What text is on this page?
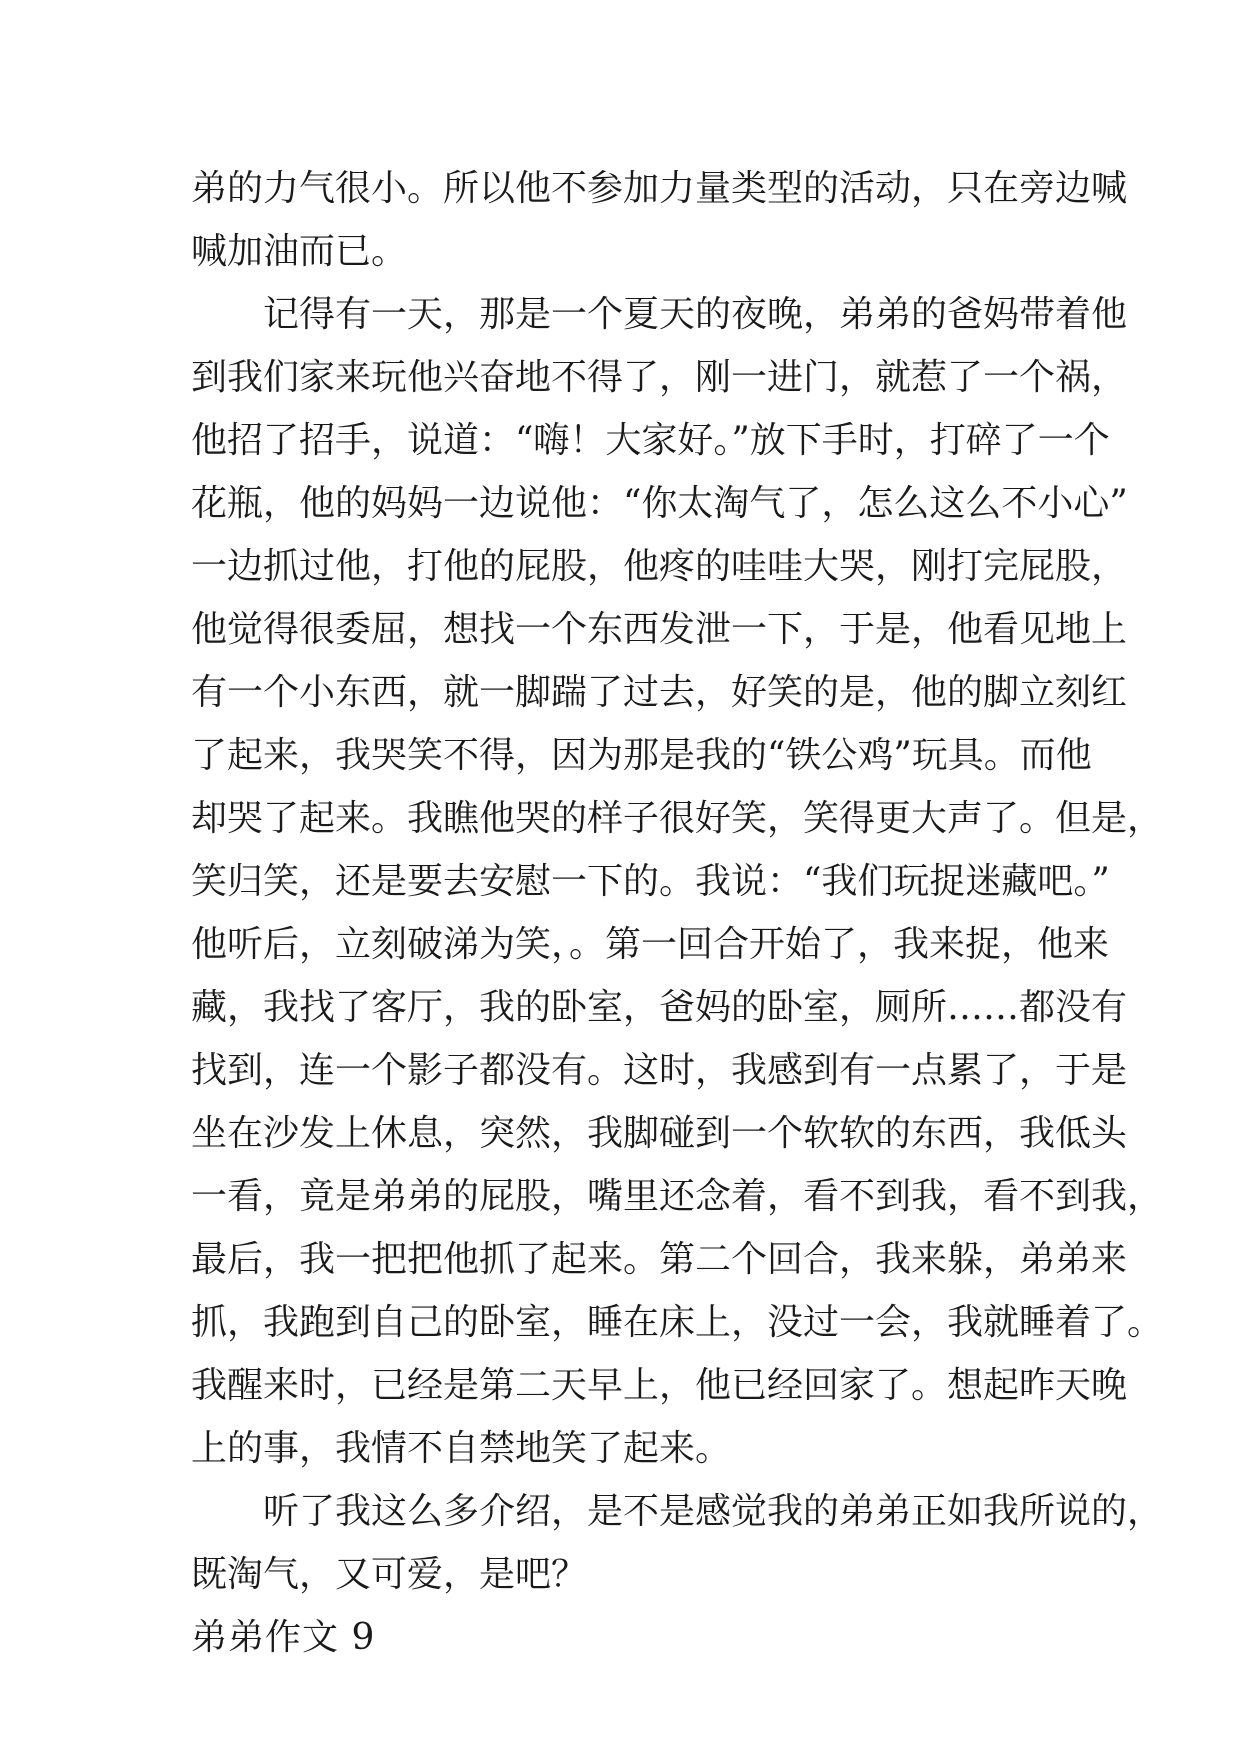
弟的力气很小。所以他不参加力量类型的活动，只在旁边喊
喊加油而已。
记得有一天，那是一个夏天的夜晚，弟弟的爸妈带着他
到我们家来玩他兴奋地不得了，刚一进门，就惹了一个祸，
他招了招手，说道：“嗨！大家好。”放下手时，打碎了一个
花瓶，他的妈妈一边说他：“你太淘气了，怎么这么不小心”
一边抓过他，打他的屁股，他疼的哇哇大哭，刚打完屁股，
他觉得很委屈，想找一个东西发泄一下，于是，他看见地上
有一个小东西，就一脚踹了过去，好笑的是，他的脚立刻红
了起来，我哭笑不得，因为那是我的“铁公鸡”玩具。而他
却哭了起来。我瞧他哭的样子很好笑，笑得更大声了。但是，
笑归笑，还是要去安慰一下的。我说：“我们玩捉迷藏吧。”
他听后，立刻破涕为笑，。第一回合开始了，我来捉，他来
藏，我找了客厅，我的卧室，爸妈的卧室，厕所……都没有
找到，连一个影子都没有。这时，我感到有一点累了，于是
坐在沙发上休息，突然，我脚碰到一个软软的东西，我低头
一看，竟是弟弟的屁股，嘴里还念着，看不到我，看不到我，
最后，我一把把他抓了起来。第二个回合，我来躲，弟弟来
抓，我跑到自己的卧室，睡在床上，没过一会，我就睡着了。
我醒来时，已经是第二天早上，他已经回家了。想起昨天晚
上的事，我情不自禁地笑了起来。
听了我这么多介绍，是不是感觉我的弟弟正如我所说的，
既淘气，又可爱，是吧？
弟弟作文 9
